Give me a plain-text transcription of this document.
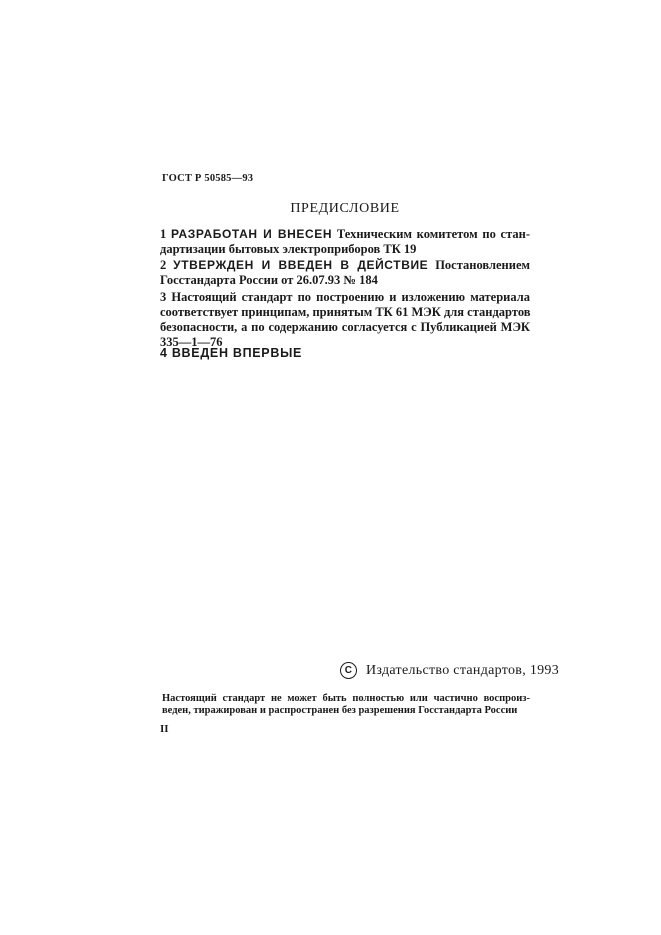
ГОСТ Р 50585—93
ПРЕДИСЛОВИЕ
1 РАЗРАБОТАН И ВНЕСЕН Техническим комитетом по стан-
дартизации бытовых электроприборов ТК 19
2 УТВЕРЖДЕН И ВВЕДЕН В ДЕЙСТВИЕ Постановлением
Госстандарта России от 26.07.93 № 184
3 Настоящий стандарт по построению и изложению материала
соответствует принципам, принятым ТК 61 МЭК для стандартов
безопасности, а по содержанию согласуется с Публикацией МЭК
335—1—76
4 ВВЕДЕН ВПЕРВЫЕ
C Издательство стандартов, 1993
Настоящий стандарт не может быть полностью или частично воспроиз-
веден, тиражирован и распространен без разрешения Госстандарта России
II
